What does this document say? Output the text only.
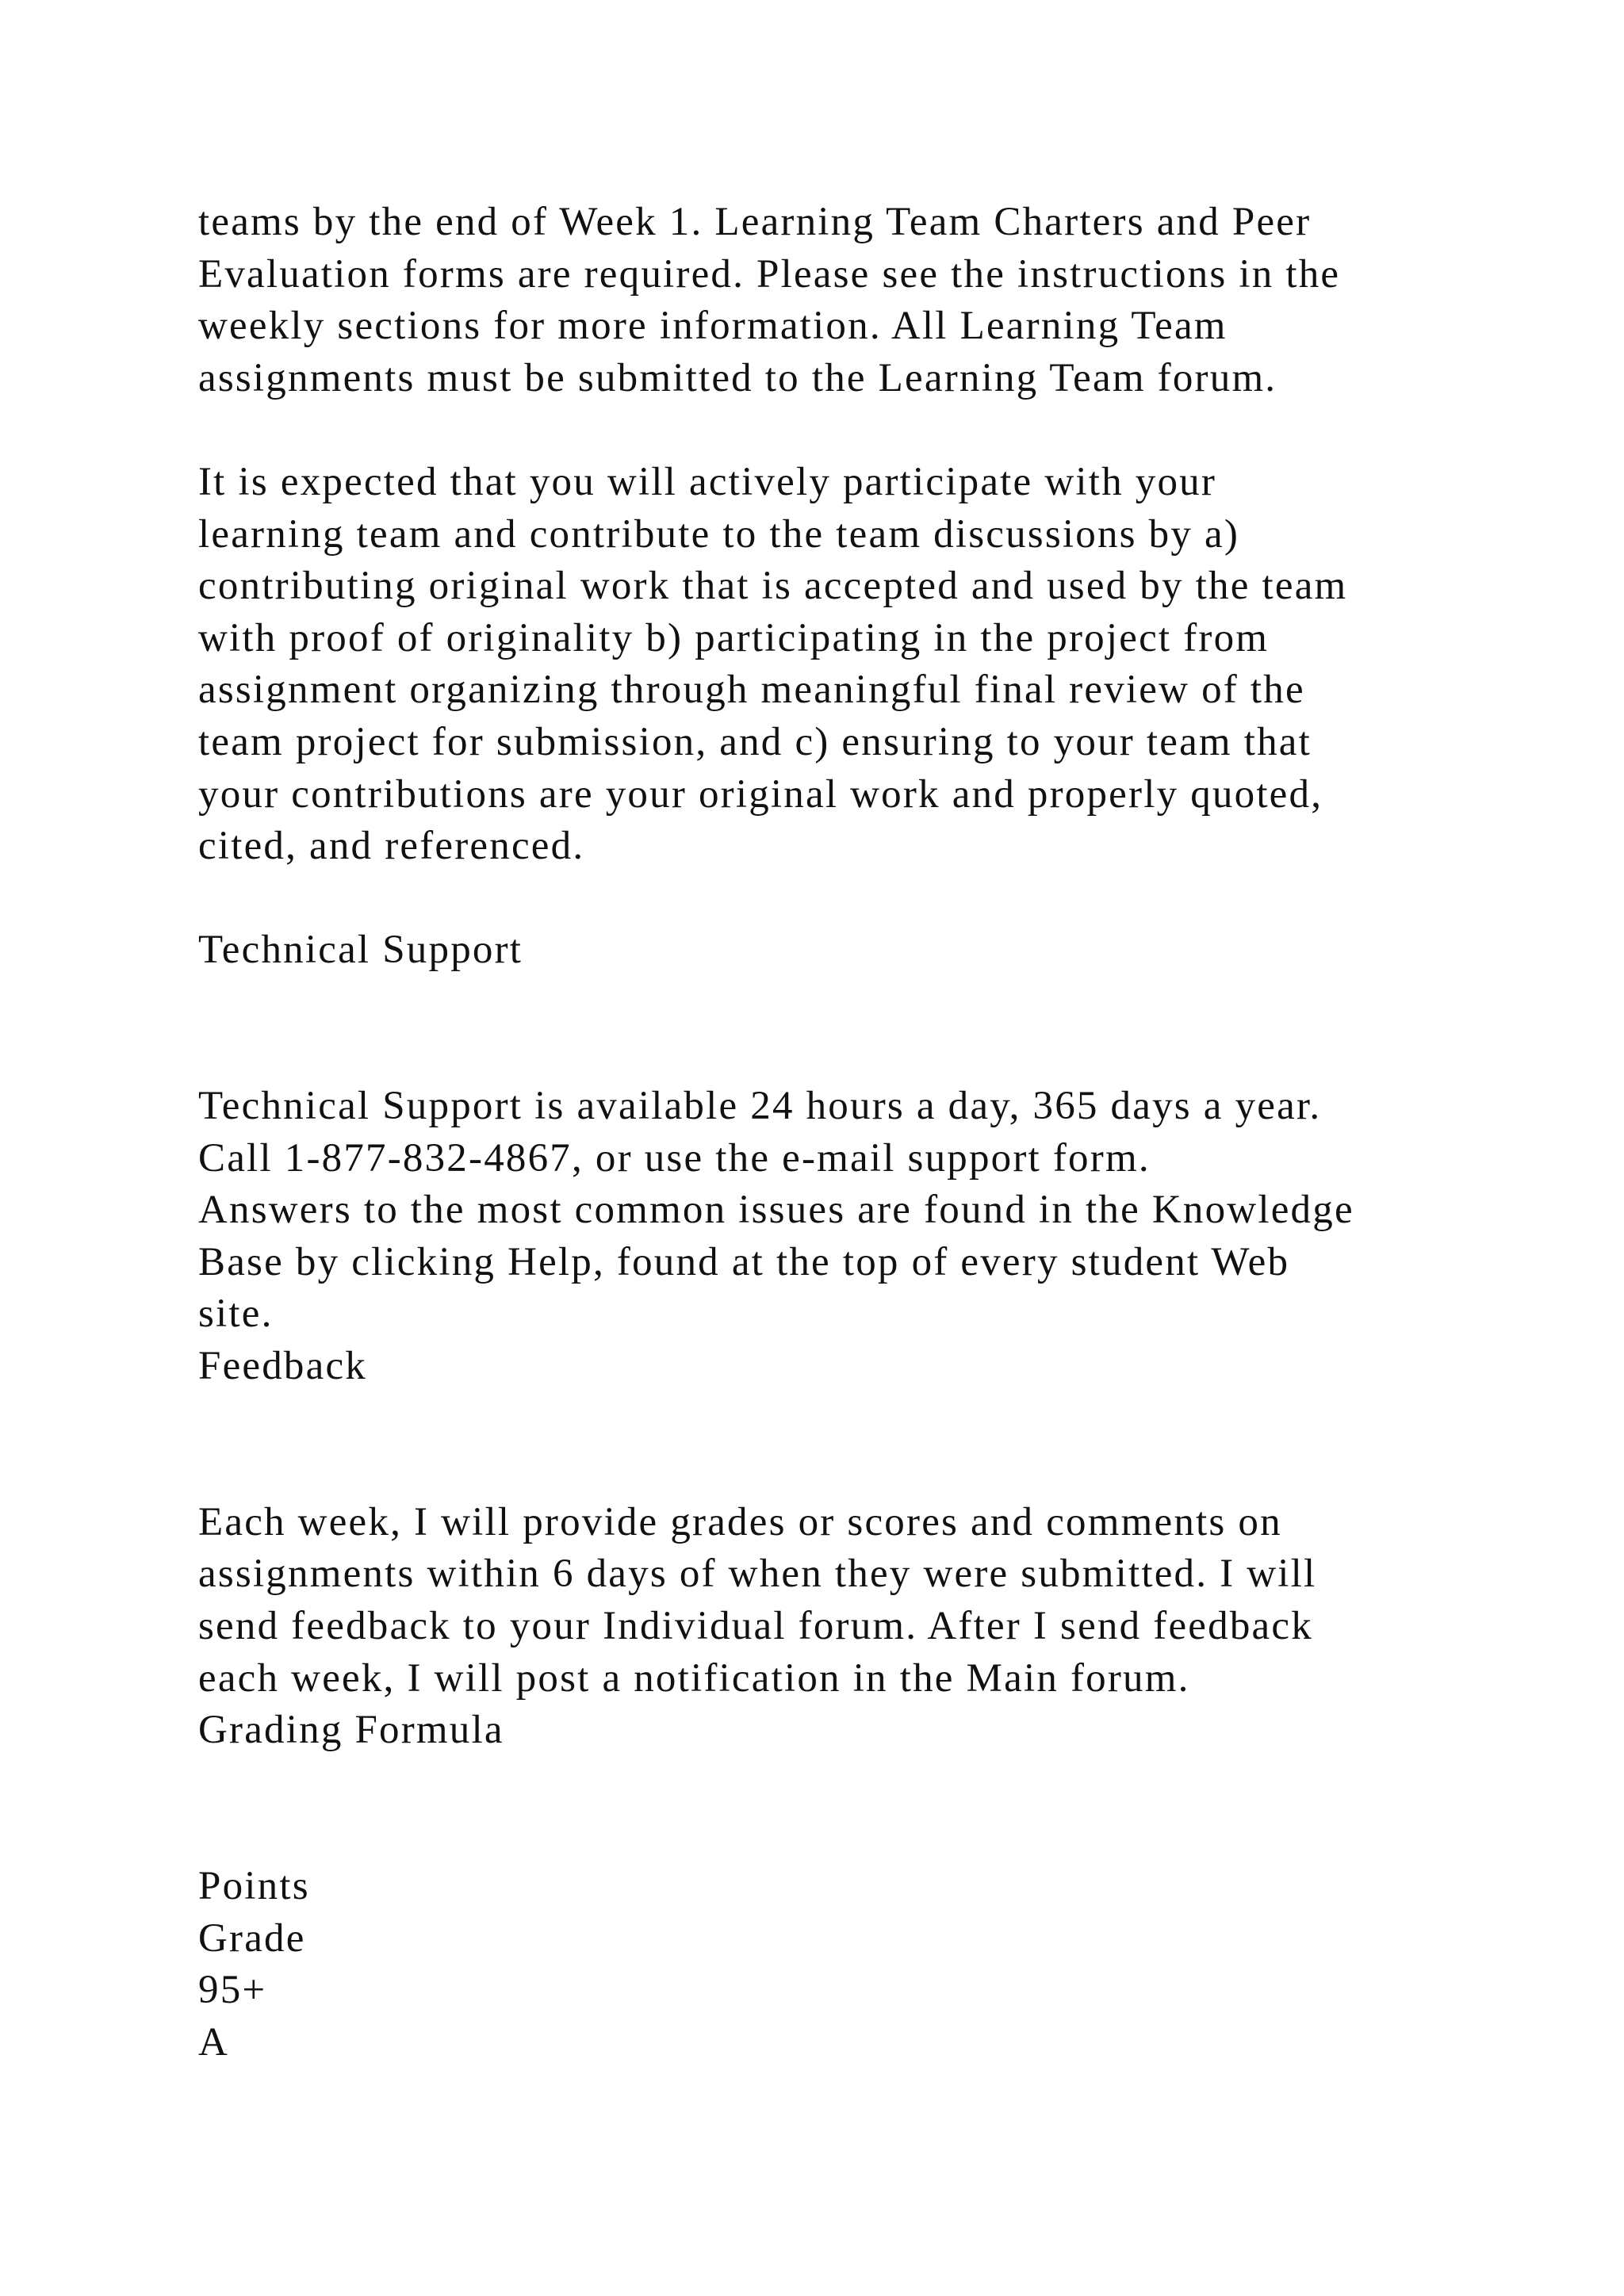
teams by the end of Week 1. Learning Team Charters and Peer
Evaluation forms are required. Please see the instructions in the
weekly sections for more information. All Learning Team
assignments must be submitted to the Learning Team forum.
It is expected that you will actively participate with your
learning team and contribute to the team discussions by a)
contributing original work that is accepted and used by the team
with proof of originality b) participating in the project from
assignment organizing through meaningful final review of the
team project for submission, and c) ensuring to your team that
your contributions are your original work and properly quoted,
cited, and referenced.
Technical Support
Technical Support is available 24 hours a day, 365 days a year.
Call 1-877-832-4867, or use the e-mail support form.
Answers to the most common issues are found in the Knowledge
Base by clicking Help, found at the top of every student Web
site.
Feedback
Each week, I will provide grades or scores and comments on
assignments within 6 days of when they were submitted. I will
send feedback to your Individual forum. After I send feedback
each week, I will post a notification in the Main forum.
Grading Formula
Points
Grade
95+
A
